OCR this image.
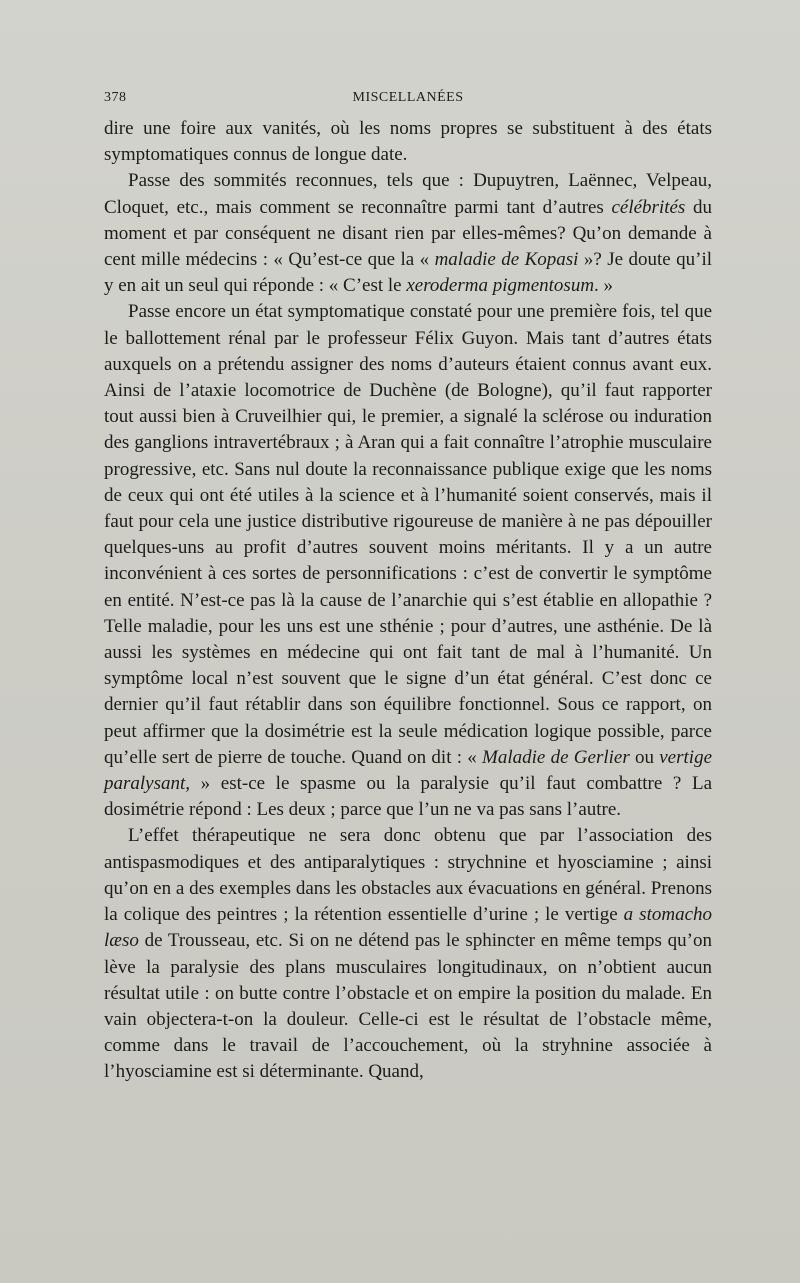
378	MISCELLANÉES

dire une foire aux vanités, où les noms propres se substituent à des états symptomatiques connus de longue date.

Passe des sommités reconnues, tels que : Dupuytren, Laënnec, Velpeau, Cloquet, etc., mais comment se reconnaître parmi tant d’autres célébrités du moment et par conséquent ne disant rien par elles-mêmes? Qu’on demande à cent mille médecins : « Qu’est-ce que la « maladie de Kopasi »? Je doute qu’il y en ait un seul qui réponde : « C’est le xeroderma pigmentosum. »

Passe encore un état symptomatique constaté pour une première fois, tel que le ballottement rénal par le professeur Félix Guyon. Mais tant d’autres états auxquels on a prétendu assigner des noms d’auteurs étaient connus avant eux. Ainsi de l’ataxie locomotrice de Duchène (de Bologne), qu’il faut rapporter tout aussi bien à Cruveilhier qui, le premier, a signalé la sclérose ou induration des ganglions intravertébraux ; à Aran qui a fait connaître l’atrophie musculaire progressive, etc. Sans nul doute la reconnaissance publique exige que les noms de ceux qui ont été utiles à la science et à l’humanité soient conservés, mais il faut pour cela une justice distributive rigoureuse de manière à ne pas dépouiller quelques-uns au profit d’autres souvent moins méritants. Il y a un autre inconvénient à ces sortes de personnifications : c’est de convertir le symptôme en entité. N’est-ce pas là la cause de l’anarchie qui s’est établie en allopathie ? Telle maladie, pour les uns est une sthénie ; pour d’autres, une asthénie. De là aussi les systèmes en médecine qui ont fait tant de mal à l’humanité. Un symptôme local n’est souvent que le signe d’un état général. C’est donc ce dernier qu’il faut rétablir dans son équilibre fonctionnel. Sous ce rapport, on peut affirmer que la dosimétrie est la seule médication logique possible, parce qu’elle sert de pierre de touche. Quand on dit : « Maladie de Gerlier ou vertige paralysant, » est-ce le spasme ou la paralysie qu’il faut combattre ? La dosimétrie répond : Les deux ; parce que l’un ne va pas sans l’autre.

L’effet thérapeutique ne sera donc obtenu que par l’association des antispasmodiques et des antiparalytiques : strychnine et hyosciamine ; ainsi qu’on en a des exemples dans les obstacles aux évacuations en général. Prenons la colique des peintres ; la rétention essentielle d’urine ; le vertige a stomacho læso de Trousseau, etc. Si on ne détend pas le sphincter en même temps qu’on lève la paralysie des plans musculaires longitudinaux, on n’obtient aucun résultat utile : on butte contre l’obstacle et on empire la position du malade. En vain objectera-t-on la douleur. Celle-ci est le résultat de l’obstacle même, comme dans le travail de l’accouchement, où la stryhnine associée à l’hyosciamine est si déterminante. Quand,
